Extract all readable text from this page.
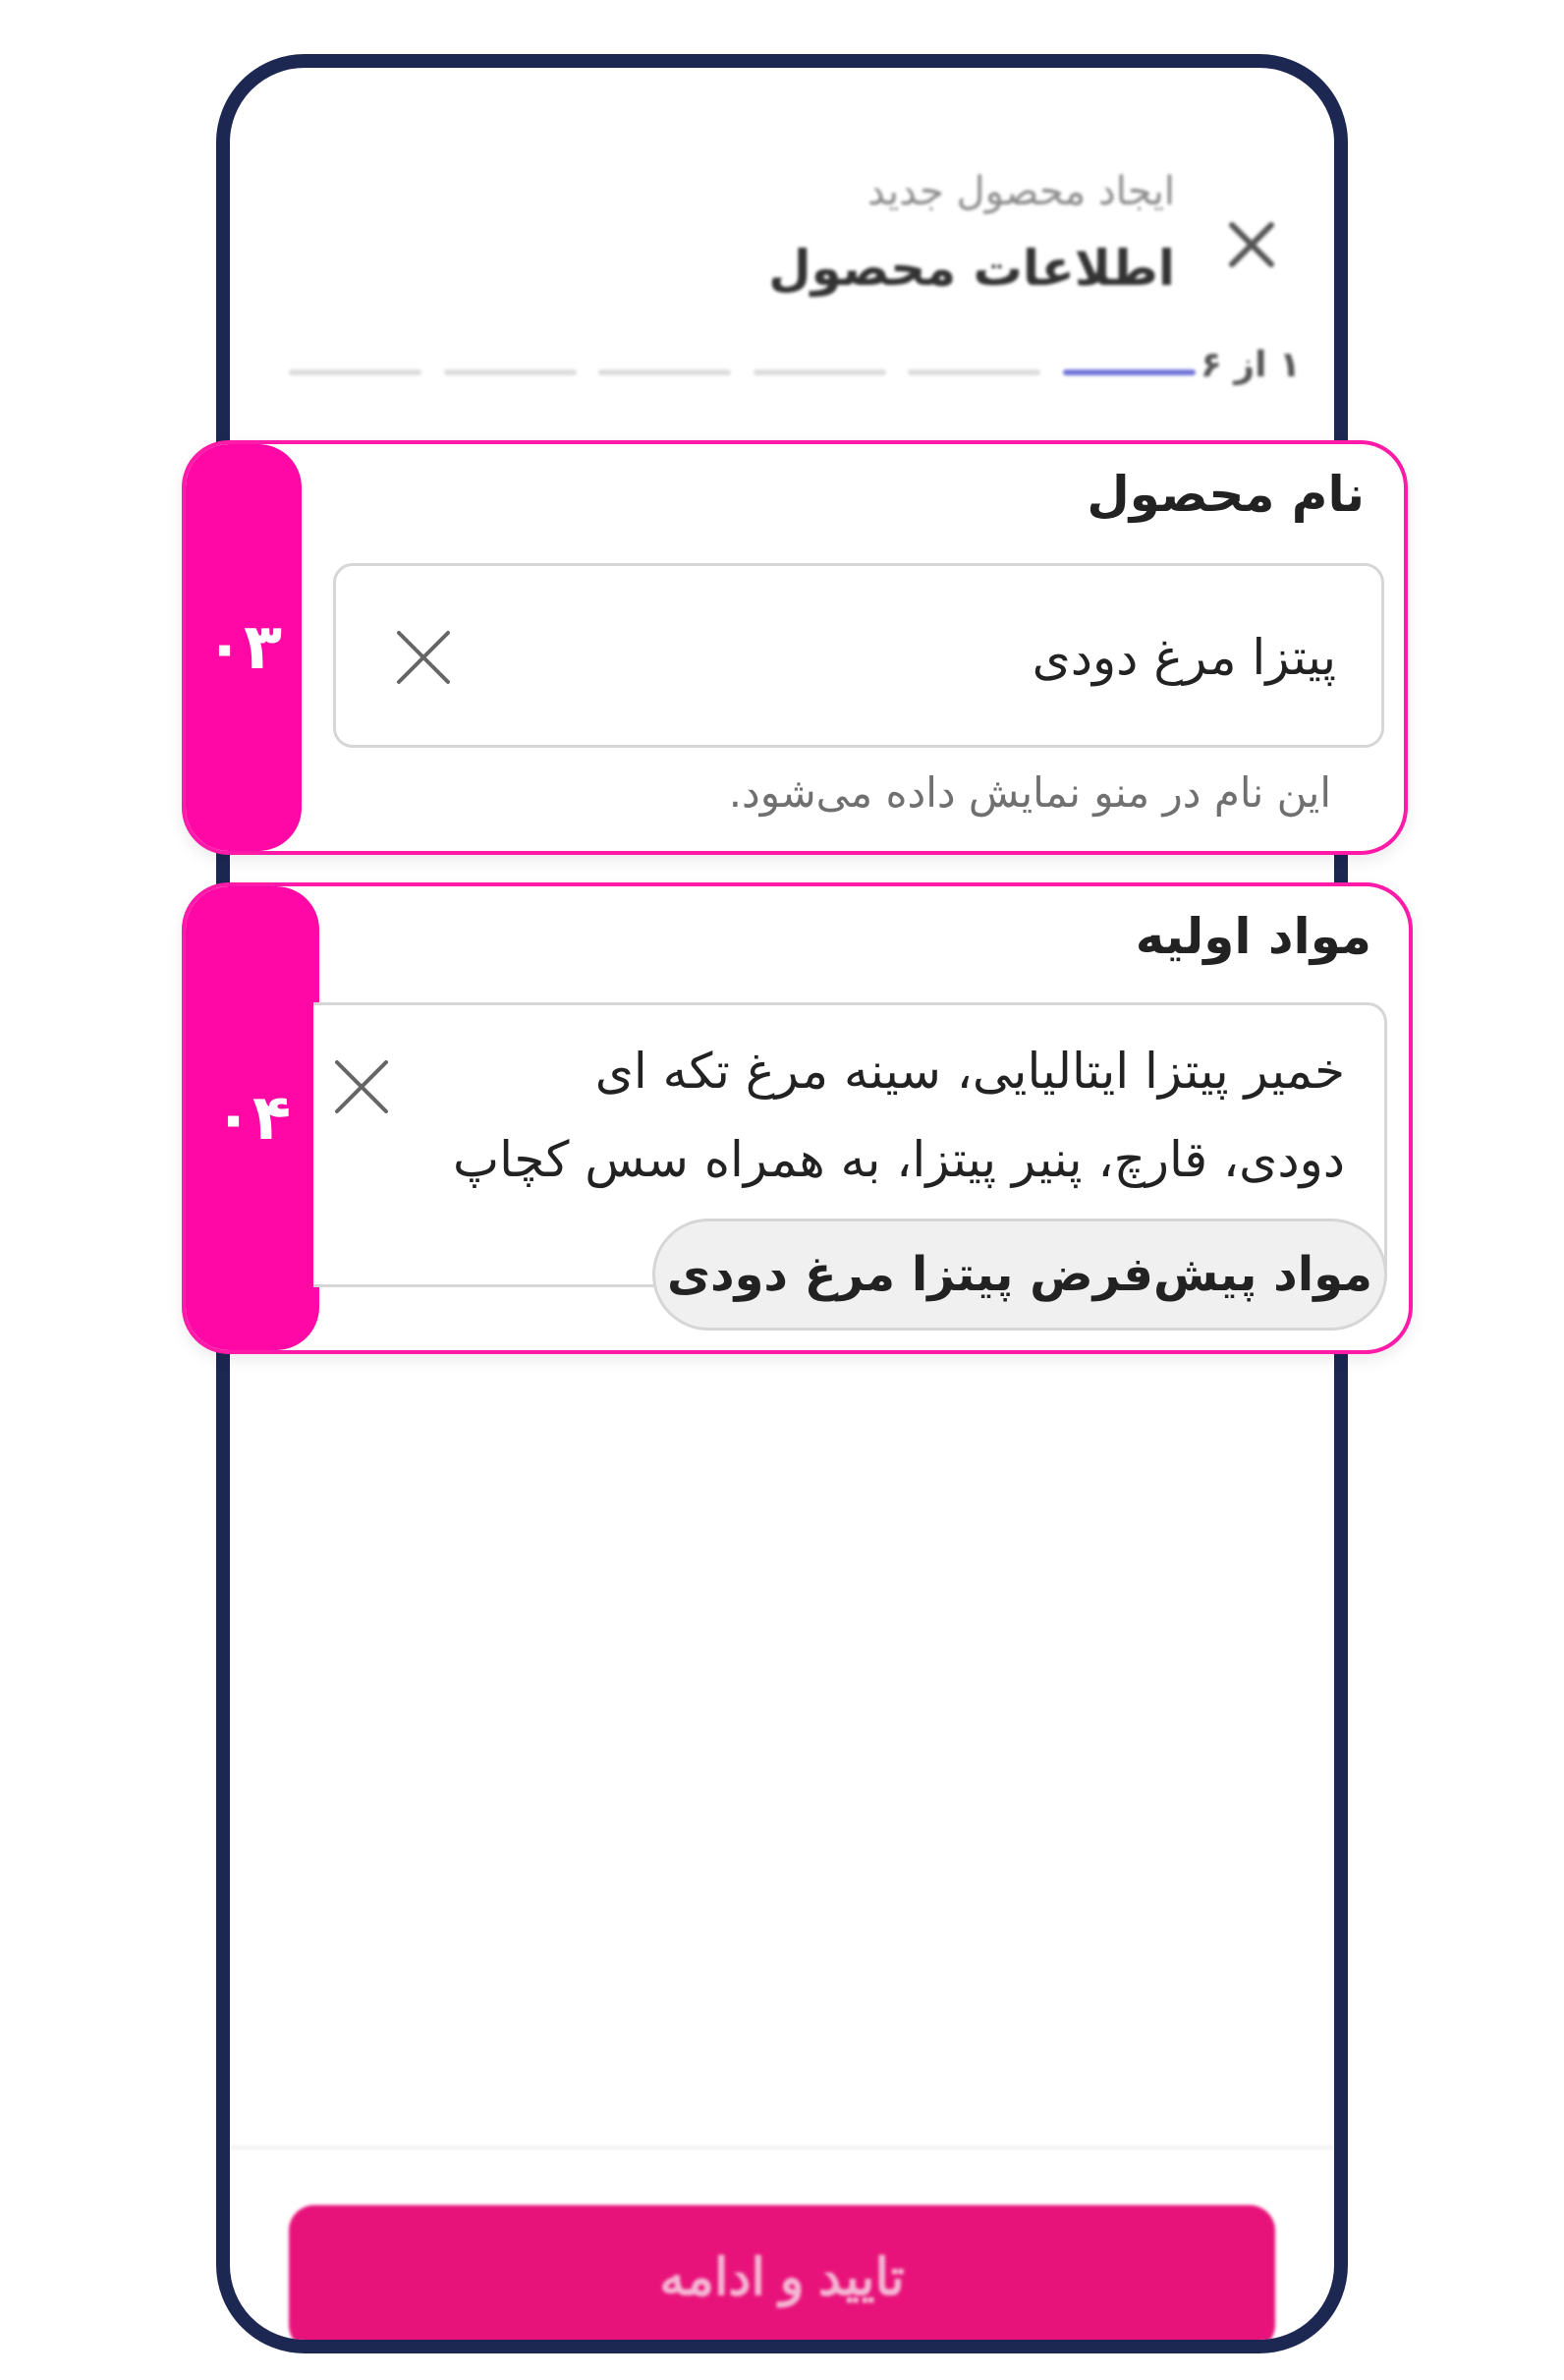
ایجاد محصول جدید
اطلاعات محصول
۱ از ۶
تایید و ادامه
۰۳
نام محصول
پیتزا مرغ دودی
این نام در منو نمایش داده می‌شود.
۰۴
مواد اولیه
خمیر پیتزا ایتالیایی، سینه مرغ تکه ای
دودی، قارچ، پنیر پیتزا، به همراه سس کچاپ
مواد پیش‌فرض پیتزا مرغ دودی
